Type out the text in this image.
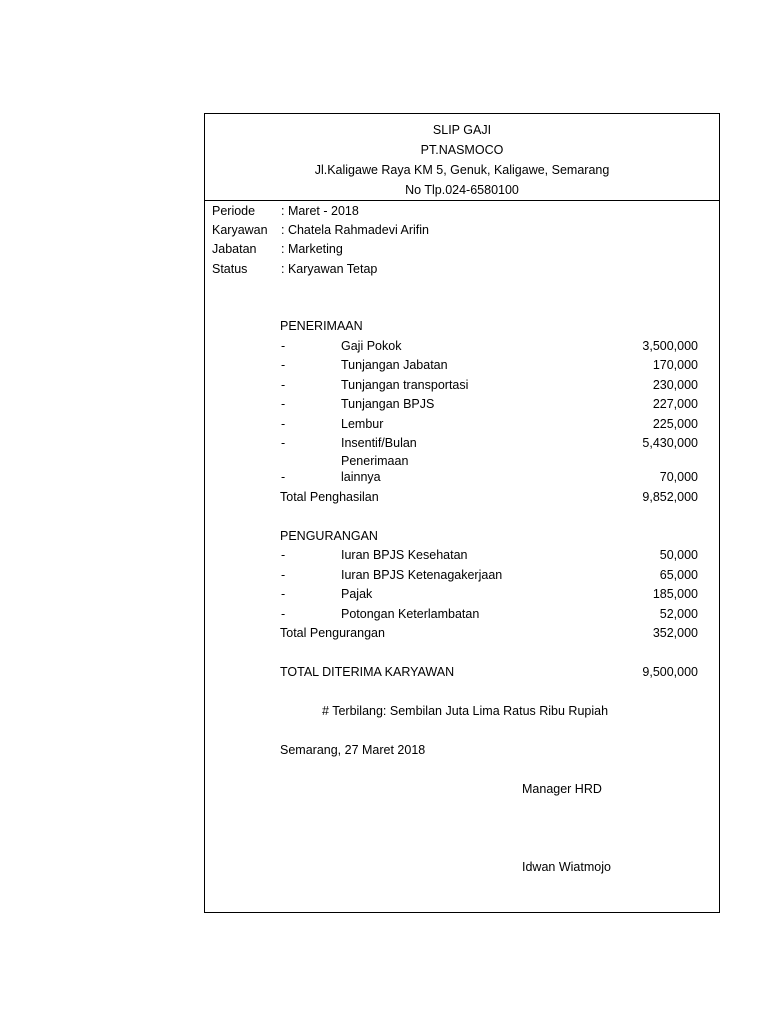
SLIP GAJI
PT.NASMOCO
Jl.Kaligawe Raya KM 5, Genuk, Kaligawe, Semarang
No Tlp.024-6580100
Periode : Maret - 2018
Karyawan : Chatela Rahmadevi Arifin
Jabatan : Marketing
Status	: Karyawan Tetap
PENERIMAAN
-	Gaji Pokok	3,500,000
-	Tunjangan Jabatan	170,000
-	Tunjangan transportasi	230,000
-	Tunjangan BPJS	227,000
-	Lembur	225,000
-	Insentif/Bulan	5,430,000
Penerimaan
-	lainnya	70,000
Total Penghasilan	9,852,000
PENGURANGAN
-	Iuran BPJS Kesehatan	50,000
-	Iuran BPJS Ketenagakerjaan	65,000
-	Pajak	185,000
-	Potongan Keterlambatan	52,000
Total Pengurangan	352,000
TOTAL DITERIMA KARYAWAN	9,500,000
# Terbilang: Sembilan Juta Lima Ratus Ribu Rupiah
Semarang, 27 Maret 2018
Manager HRD
Idwan Wiatmojo
